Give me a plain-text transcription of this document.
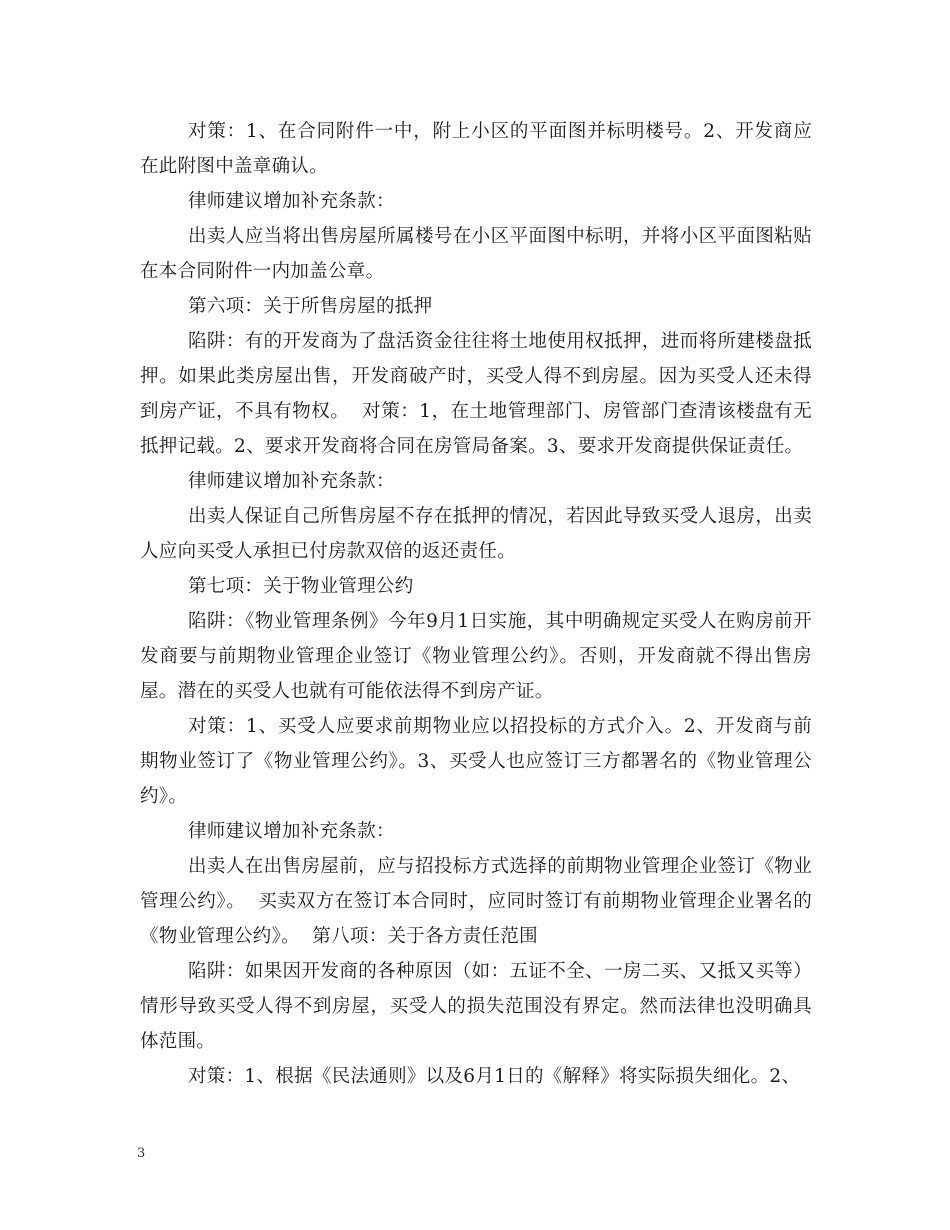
对策：1、在合同附件一中，附上小区的平面图并标明楼号。2、开发商应在此附图中盖章确认。

律师建议增加补充条款：

出卖人应当将出售房屋所属楼号在小区平面图中标明，并将小区平面图粘贴在本合同附件一内加盖公章。

第六项：关于所售房屋的抵押

陷阱：有的开发商为了盘活资金往往将土地使用权抵押，进而将所建楼盘抵押。如果此类房屋出售，开发商破产时，买受人得不到房屋。因为买受人还未得到房产证，不具有物权。  对策：1，在土地管理部门、房管部门查清该楼盘有无抵押记载。2、要求开发商将合同在房管局备案。3、要求开发商提供保证责任。

律师建议增加补充条款：

出卖人保证自己所售房屋不存在抵押的情况，若因此导致买受人退房，出卖人应向买受人承担已付房款双倍的返还责任。

第七项：关于物业管理公约

陷阱：《物业管理条例》今年9月1日实施，其中明确规定买受人在购房前开发商要与前期物业管理企业签订《物业管理公约》。否则，开发商就不得出售房屋。潜在的买受人也就有可能依法得不到房产证。

对策：1、买受人应要求前期物业应以招投标的方式介入。2、开发商与前期物业签订了《物业管理公约》。3、买受人也应签订三方都署名的《物业管理公约》。

律师建议增加补充条款：

出卖人在出售房屋前，应与招投标方式选择的前期物业管理企业签订《物业管理公约》。  买卖双方在签订本合同时，应同时签订有前期物业管理企业署名的《物业管理公约》。  第八项：关于各方责任范围

陷阱：如果因开发商的各种原因（如：五证不全、一房二买、又抵又买等）情形导致买受人得不到房屋，买受人的损失范围没有界定。然而法律也没明确具体范围。

对策：1、根据《民法通则》以及6月1日的《解释》将实际损失细化。2、

3
